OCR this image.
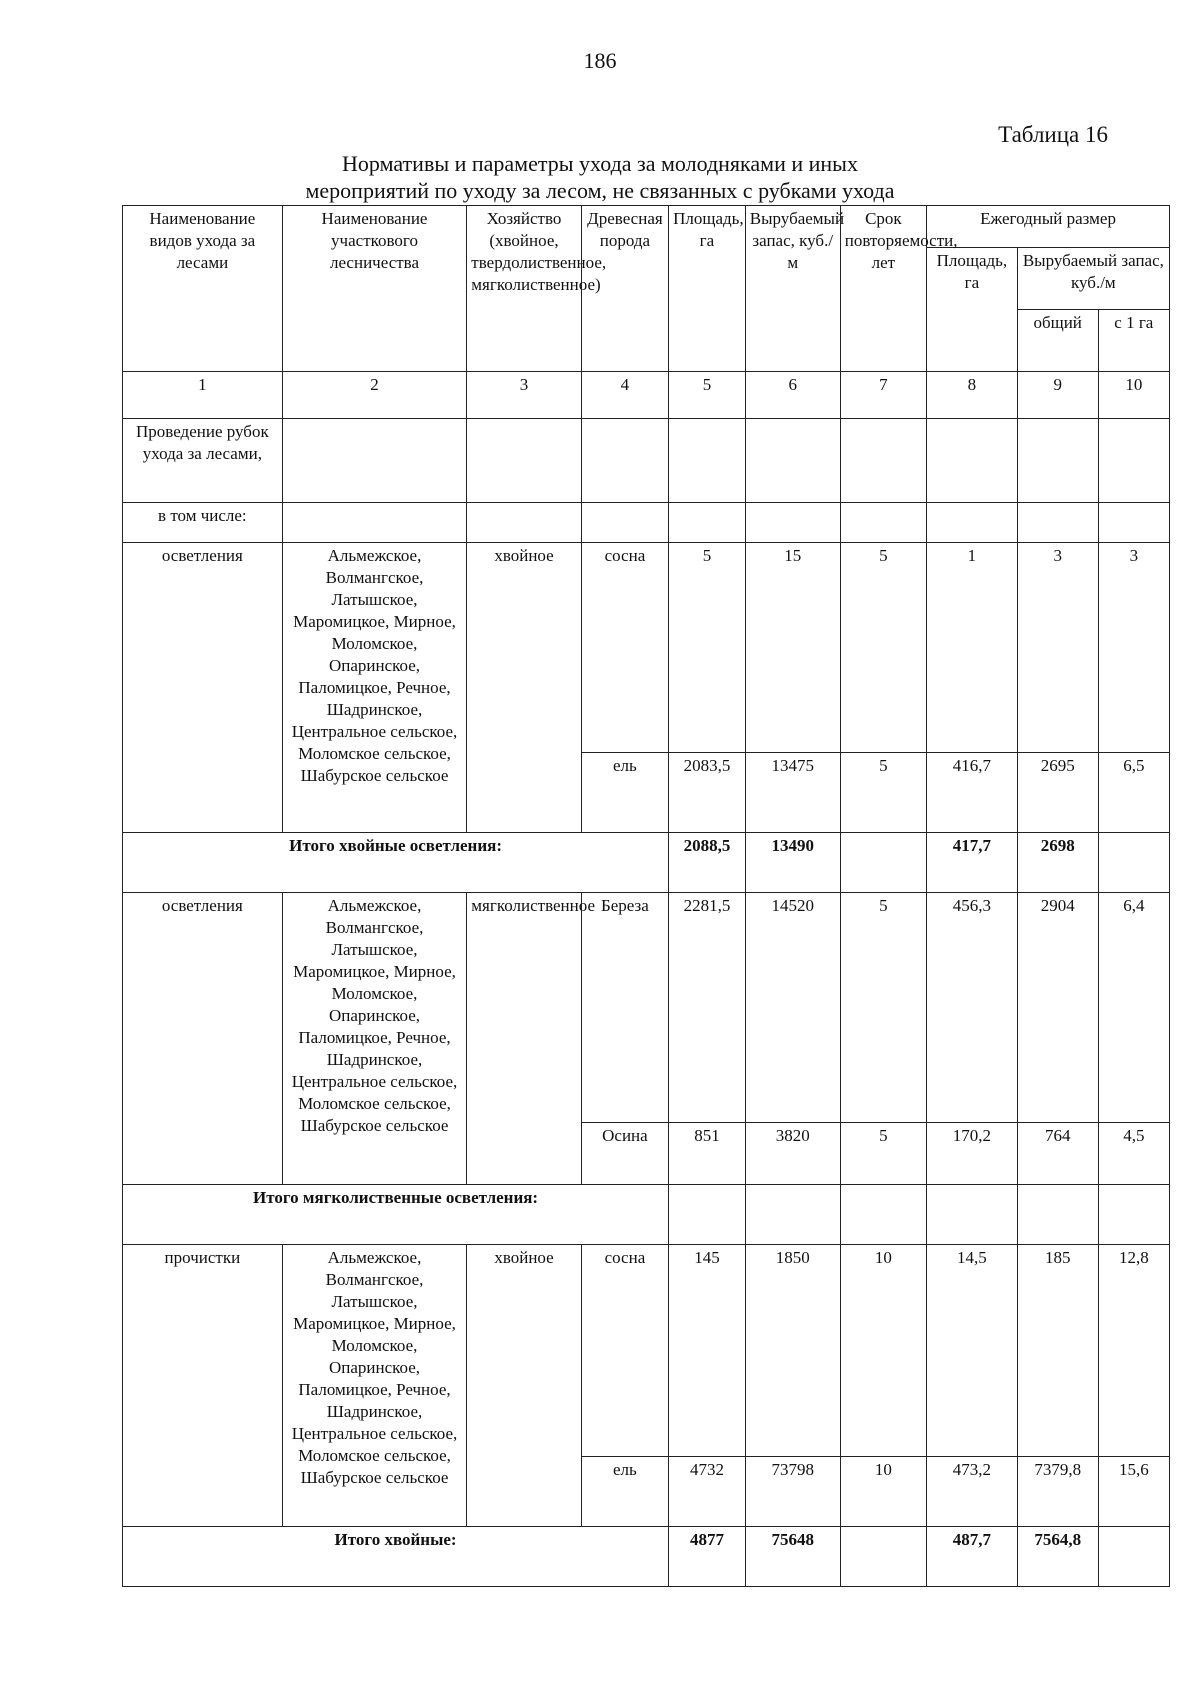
186
Таблица 16
Нормативы и параметры ухода за молодняками и иных
мероприятий по уходу за лесом, не связанных с рубками ухода
Наименование видов ухода за лесами	Наименование участкового лесничества	Хозяйство (хвойное, твердолиственное, мягколиственное)	Древесная порода	Площадь, га	Вырубаемый запас, куб./м	Срок повторяемости, лет	Ежегодный размер		
							Площадь, га	Вырубаемый запас, куб./м	
								общий	с 1 га
1	2	3	4	5	6	7	8	9	10
Проведение рубок ухода за лесами,									
в том числе:									
осветления	Альмежское, Волмангское, Латышское, Маромицкое, Мирное, Моломское, Опаринское, Паломицкое, Речное, Шадринское, Центральное сельское, Моломское сельское, Шабурское сельское	хвойное	сосна	5	15	5	1	3	3
			ель	2083,5	13475	5	416,7	2695	6,5
Итого хвойные осветления:				2088,5	13490		417,7	2698	
осветления	Альмежское, Волмангское, Латышское, Маромицкое, Мирное, Моломское, Опаринское, Паломицкое, Речное, Шадринское, Центральное сельское, Моломское сельское, Шабурское сельское	мягколиственное	Береза	2281,5	14520	5	456,3	2904	6,4
			Осина	851	3820	5	170,2	764	4,5
Итого мягколиственные осветления:									
прочистки	Альмежское, Волмангское, Латышское, Маромицкое, Мирное, Моломское, Опаринское, Паломицкое, Речное, Шадринское, Центральное сельское, Моломское сельское, Шабурское сельское	хвойное	сосна	145	1850	10	14,5	185	12,8
			ель	4732	73798	10	473,2	7379,8	15,6
Итого хвойные:				4877	75648		487,7	7564,8	
